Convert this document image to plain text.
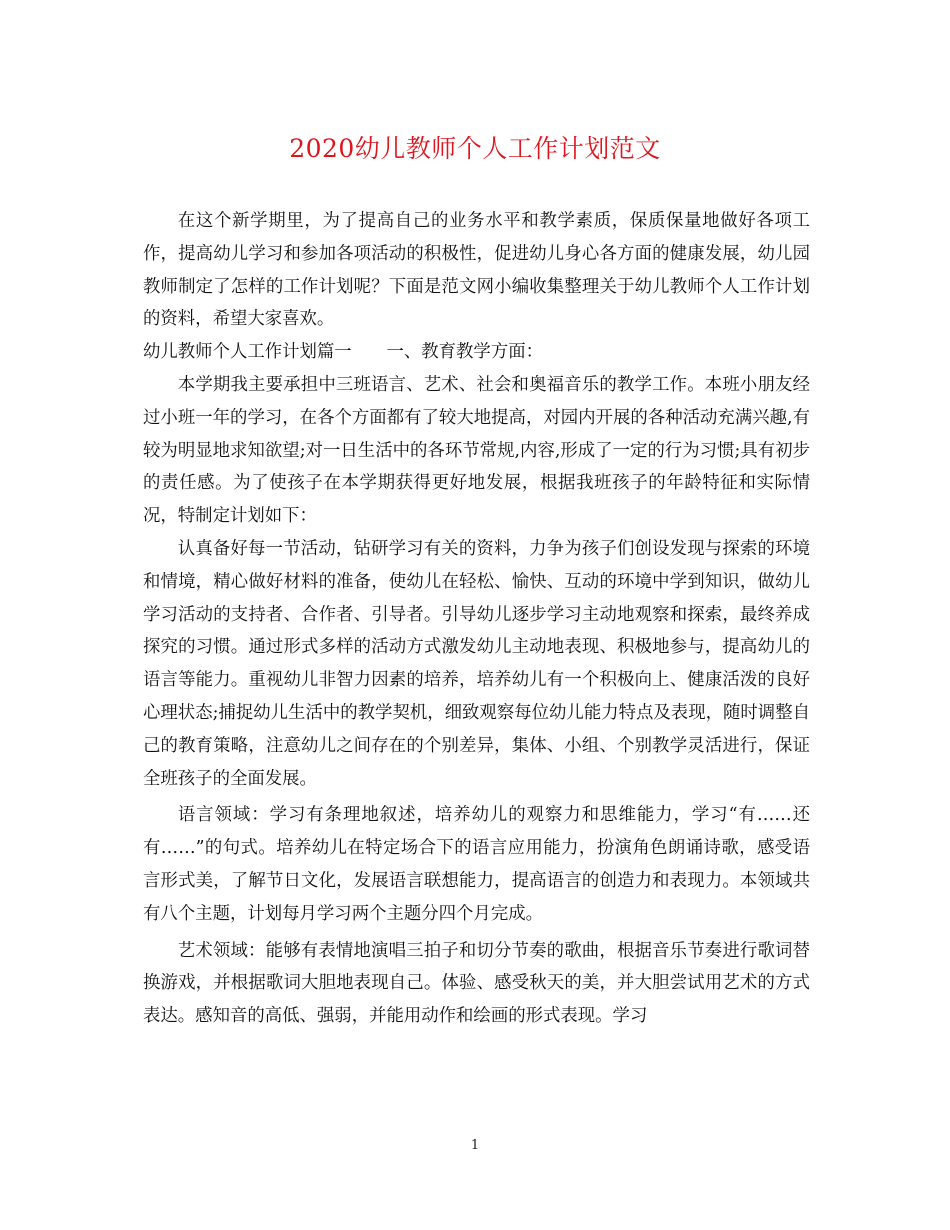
2020幼儿教师个人工作计划范文

在这个新学期里，为了提高自己的业务水平和教学素质，保质保量地做好各项工作，提高幼儿学习和参加各项活动的积极性，促进幼儿身心各方面的健康发展，幼儿园教师制定了怎样的工作计划呢？下面是范文网小编收集整理关于幼儿教师个人工作计划的资料，希望大家喜欢。

幼儿教师个人工作计划篇一　　一、教育教学方面：

本学期我主要承担中三班语言、艺术、社会和奥福音乐的教学工作。本班小朋友经过小班一年的学习，在各个方面都有了较大地提高，对园内开展的各种活动充满兴趣,有较为明显地求知欲望;对一日生活中的各环节常规,内容,形成了一定的行为习惯;具有初步的责任感。为了使孩子在本学期获得更好地发展，根据我班孩子的年龄特征和实际情况，特制定计划如下：

认真备好每一节活动，钻研学习有关的资料，力争为孩子们创设发现与探索的环境和情境，精心做好材料的准备，使幼儿在轻松、愉快、互动的环境中学到知识，做幼儿学习活动的支持者、合作者、引导者。引导幼儿逐步学习主动地观察和探索，最终养成探究的习惯。通过形式多样的活动方式激发幼儿主动地表现、积极地参与，提高幼儿的语言等能力。重视幼儿非智力因素的培养，培养幼儿有一个积极向上、健康活泼的良好心理状态;捕捉幼儿生活中的教学契机，细致观察每位幼儿能力特点及表现，随时调整自己的教育策略，注意幼儿之间存在的个别差异，集体、小组、个别教学灵活进行，保证全班孩子的全面发展。

语言领域：学习有条理地叙述，培养幼儿的观察力和思维能力，学习“有……还有……”的句式。培养幼儿在特定场合下的语言应用能力，扮演角色朗诵诗歌，感受语言形式美，了解节日文化，发展语言联想能力，提高语言的创造力和表现力。本领域共有八个主题，计划每月学习两个主题分四个月完成。

艺术领域：能够有表情地演唱三拍子和切分节奏的歌曲，根据音乐节奏进行歌词替换游戏，并根据歌词大胆地表现自己。体验、感受秋天的美，并大胆尝试用艺术的方式表达。感知音的高低、强弱，并能用动作和绘画的形式表现。学习

1
